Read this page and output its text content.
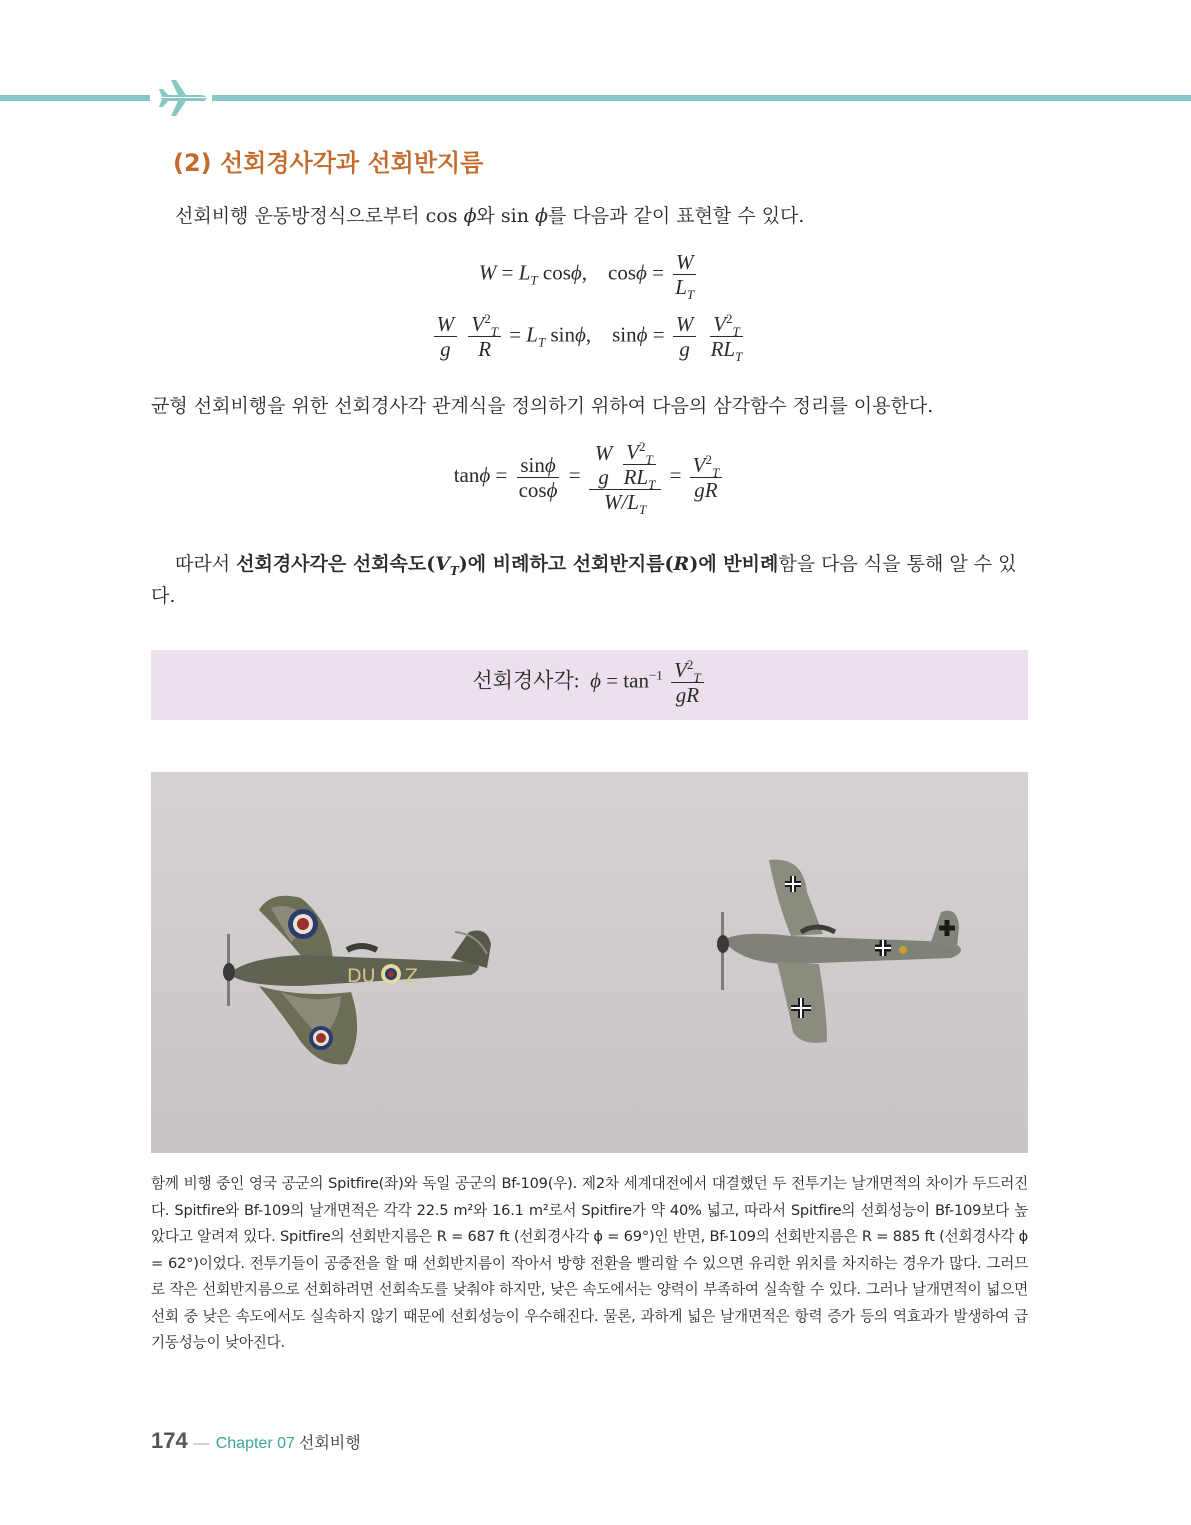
(2) 선회경사각과 선회반지름

선회비행 운동방정식으로부터 cos ϕ와 sin ϕ를 다음과 같이 표현할 수 있다.

$W = L_T$ cosϕ, $\cos\phi = \frac{W}{L_T}$
$\frac{W}{g}$
$\frac{V^2_T}{R} = L_T$ sinϕ, $\sin\phi = \frac{W}{g}$
$\frac{V^2_T}{RL_T}$

균형 선회비행을 위한 선회경사각 관계식을 정의하기 위하여 다음의 삼각함수 정리를 이용한다.

$\tan\phi = \frac{\sin\phi}{\cos\phi} = W$
g
$\frac{V^2_T}{RL_T}$
$W/L_T = \frac{V^2_T}{gR}$

따라서 선회경사각은 선회속도$(V_T)$에 비례하고 선회반지름(R)에 반비례함을 다음 식을 통해 알 수 있다.

선회경사각: $\phi = \tan^{-1} \frac{V^2_T}{gR}$
DU Z

함께 비행 중인 영국 공군의 Spitfire(좌)와 독일 공군의 Bf-109(우). 제2차 세계대전에서 대결했던 두 전투기는 날개면적의 차이가 두드러진다. Spitfire와 Bf-109의 날개면적은 각각 22.5 m²와 16.1 m²로서 Spitfire가 약 40% 넓고, 따라서 Spitfire의 선회성능이 Bf-109보다 높았다고 알려져 있다. Spitfire의 선회반지름은 R = 687 ft (선회경사각 ϕ = 69°)인 반면, Bf-109의 선회반지름은 R = 885 ft (선회경사각 ϕ = 62°)이었다. 전투기들이 공중전을 할 때 선회반지름이 작아서 방향 전환을 빨리할 수 있으면 유리한 위치를 차지하는 경우가 많다. 그러므로 작은 선회반지름으로 선회하려면 선회속도를 낮춰야 하지만, 낮은 속도에서는 양력이 부족하여 실속할 수 있다. 그러나 날개면적이 넓으면 선회 중 낮은 속도에서도 실속하지 않기 때문에 선회성능이 우수해진다. 물론, 과하게 넓은 날개면적은 항력 증가 등의 역효과가 발생하여 급기동성능이 낮아진다.

174 — Chapter 07 선회비행
